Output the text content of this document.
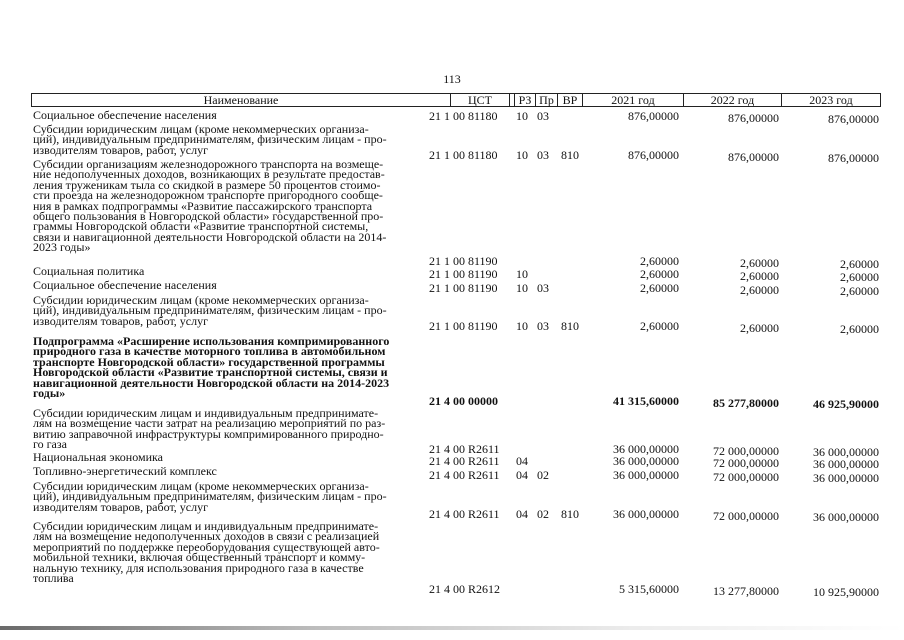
113
Наименование	ЦСТ	РЗ Пр ВР	2021 год	2022 год	2023 год
Социальное обеспечение населения	21 1 00 81180 10 03	876,00000	876,00000	876,00000
Субсидии юридическим лицам (кроме некоммерческих организа-
ций), индивидуальным предпринимателям, физическим лицам - про-
изводителям товаров, работ, услуг	21 1 00 81180 10 03 810	876,00000	876,00000	876,00000
Субсидии организациям железнодорожного транспорта на возмеще-
ние недополученных доходов, возникающих в результате предостав-
ления труженикам тыла со скидкой в размере 50 процентов стоимо-
сти проезда на железнодорожном транспорте пригородного сообще-
ния в рамках подпрограммы «Развитие пассажирского транспорта
общего пользования в Новгородской области» государственной про-
граммы Новгородской области «Развитие транспортной системы,
связи и навигационной деятельности Новгородской области на 2014-
2023 годы»
21 1 00 81190	2,60000	2,60000	2,60000
Социальная политика	21 1 00 81190 10	2,60000	2,60000	2,60000
Социальное обеспечение населения	21 1 00 81190 10 03	2,60000	2,60000	2,60000
Субсидии юридическим лицам (кроме некоммерческих организа-
ций), индивидуальным предпринимателям, физическим лицам - про-
изводителям товаров, работ, услуг	21 1 00 81190 10 03 810	2,60000	2,60000	2,60000
Подпрограмма «Расширение использования компримированного
природного газа в качестве моторного топлива в автомобильном
транспорте Новгородской области» государственной программы
Новгородской области «Развитие транспортной системы, связи и
навигационной деятельности Новгородской области на 2014-2023
годы»
21 4 00 00000	41 315,60000	85 277,80000	46 925,90000
Субсидии юридическим лицам и индивидуальным предпринимате-
лям на возмещение части затрат на реализацию мероприятий по раз-
витию заправочной инфраструктуры компримированного природно-
го газа	21 4 00 R2611	36 000,00000	72 000,00000	36 000,00000
Национальная экономика	21 4 00 R2611 04	36 000,00000	72 000,00000	36 000,00000
Топливно-энергетический комплекс	21 4 00 R2611 04 02	36 000,00000	72 000,00000	36 000,00000
Субсидии юридическим лицам (кроме некоммерческих организа-
ций), индивидуальным предпринимателям, физическим лицам - про-
изводителям товаров, работ, услуг
21 4 00 R2611 04 02 810	36 000,00000	72 000,00000	36 000,00000
Субсидии юридическим лицам и индивидуальным предпринимате-
лям на возмещение недополученных доходов в связи с реализацией
мероприятий по поддержке переоборудования существующей авто-
мобильной техники, включая общественный транспорт и комму-
нальную технику, для использования природного газа в качестве
топлива
21 4 00 R2612	5 315,60000	13 277,80000	10 925,90000
